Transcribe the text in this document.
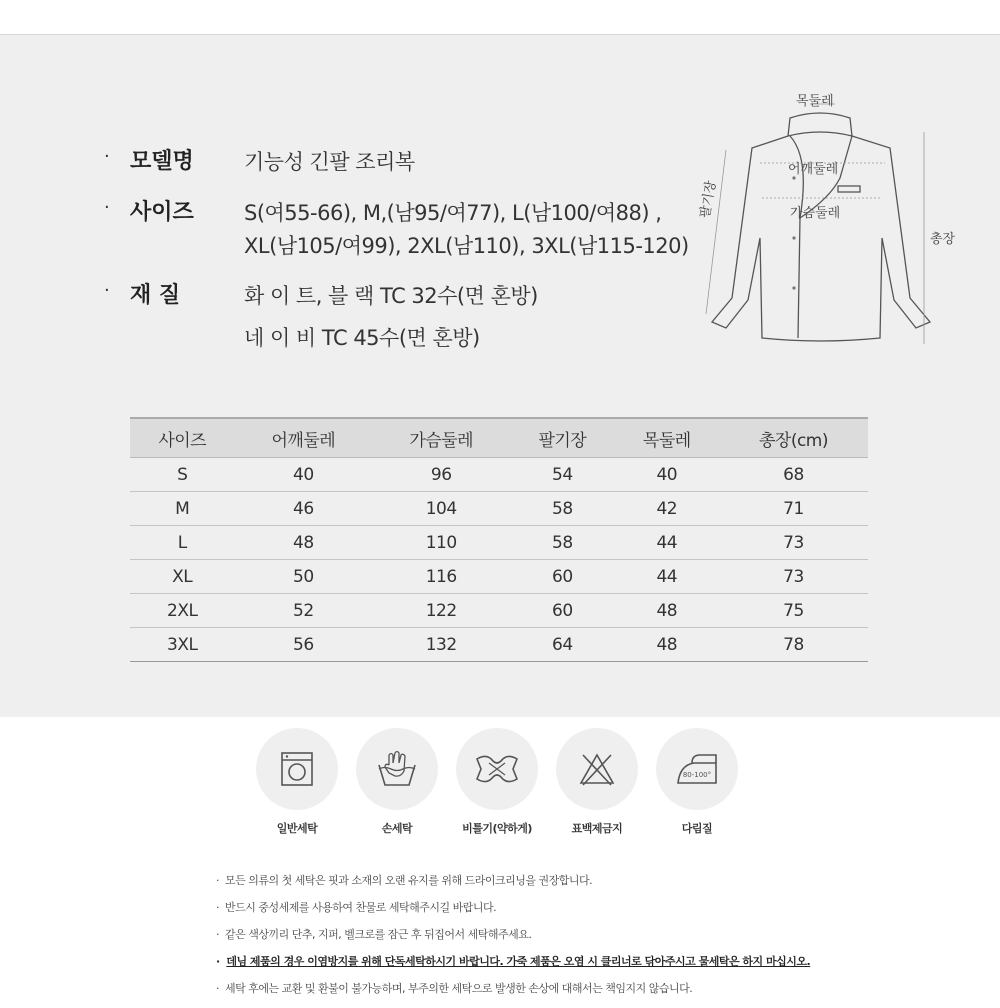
· 모델명 기능성 긴팔 조리복
· 사이즈 S(여55-66), M,(남95/여77), L(남100/여88) ,
XL(남105/여99), 2XL(남110), 3XL(남115-120)
· 재 질	화 이 트, 블 랙 TC 32수(면 혼방)
네 이 비 TC 45수(면 혼방)
목둘레
어깨둘레
가슴둘레
팔기장
총장
사이즈	어깨둘레	가슴둘레	팔기장	목둘레	총장(cm)
S	40	96	54	40	68
M	46	104	58	42	71
L	48	110	58	44	73
XL	50	116	60	44	73
2XL	52	122	60	48	75
3XL	56	132	64	48	78
일반세탁	손세탁	비틀기(약하게)	표백제금지
80-100°
다림질
·  모든 의류의 첫 세탁은 핏과 소재의 오랜 유지를 위해 드라이크리닝을 권장합니다.
·  반드시 중성세제를 사용하여 찬물로 세탁해주시길 바랍니다.
·  같은 색상끼리 단추, 지퍼, 벨크로를 잠근 후 뒤집어서 세탁해주세요.
·  데님 제품의 경우 이염방지를 위해 단독세탁하시기 바랍니다. 가죽 제품은 오염 시 클리너로 닦아주시고 물세탁은 하지 마십시오.
·  세탁 후에는 교환 및 환불이 불가능하며, 부주의한 세탁으로 발생한 손상에 대해서는 책임지지 않습니다.
